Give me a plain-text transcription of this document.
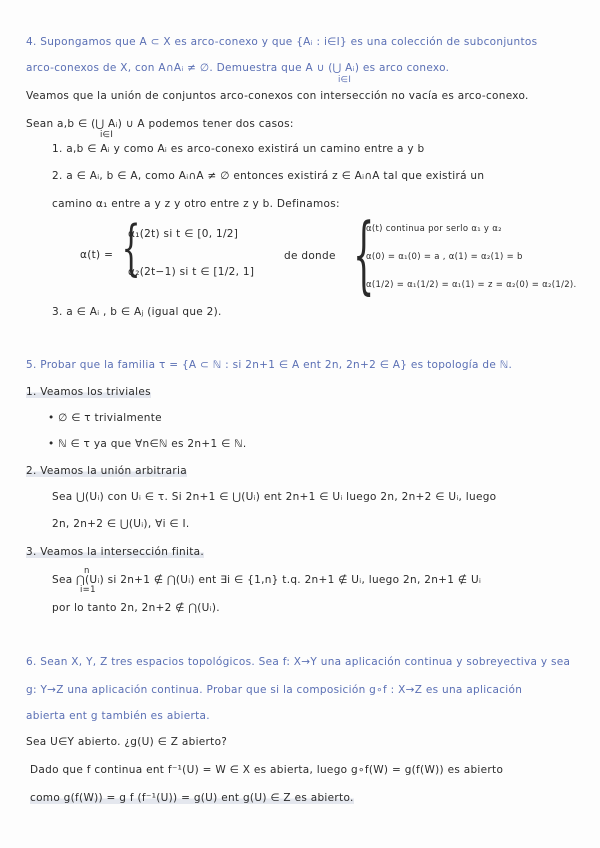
4. Supongamos que A ⊂ X es arco-conexo y que {Aᵢ : i∈I} es una colección de subconjuntos
arco-conexos de X, con A∩Aᵢ ≠ ∅. Demuestra que A ∪ (⋃ Aᵢ) es arco conexo.
i∈I
Veamos que la unión de conjuntos arco-conexos con intersección no vacía es arco-conexo.
Sean a,b ∈ (⋃ Aᵢ) ∪ A podemos tener dos casos:
i∈I
1. a,b ∈ Aᵢ y como Aᵢ es arco-conexo existirá un camino entre a y b
2. a ∈ Aᵢ, b ∈ A, como Aᵢ∩A ≠ ∅ entonces existirá z ∈ Aᵢ∩A tal que existirá un
camino α₁ entre a y z y otro entre z y b. Definamos:
α(t) = {
α₁(2t) si t ∈ [0, 1/2]
α₂(2t−1) si t ∈ [1/2, 1]
de donde {
α(t) continua por serlo α₁ y α₂
α(0) = α₁(0) = a , α(1) = α₂(1) = b
α(1/2) = α₁(1/2) = α₁(1) = z = α₂(0) = α₂(1/2).
3. a ∈ Aᵢ , b ∈ Aⱼ (igual que 2).
5. Probar que la familia τ = {A ⊂ ℕ : si 2n+1 ∈ A ent 2n, 2n+2 ∈ A} es topología de ℕ.
1. Veamos los triviales
• ∅ ∈ τ trivialmente
• ℕ ∈ τ ya que ∀n∈ℕ es 2n+1 ∈ ℕ.
2. Veamos la unión arbitraria
Sea ⋃(Uᵢ) con Uᵢ ∈ τ. Si 2n+1 ∈ ⋃(Uᵢ) ent 2n+1 ∈ Uᵢ luego 2n, 2n+2 ∈ Uᵢ, luego
2n, 2n+2 ∈ ⋃(Uᵢ), ∀i ∈ I.
3. Veamos la intersección finita.
n
i=1
Sea ⋂(Uᵢ) si 2n+1 ∉ ⋂(Uᵢ) ent ∃i ∈ {1,n} t.q. 2n+1 ∉ Uᵢ, luego 2n, 2n+1 ∉ Uᵢ
por lo tanto 2n, 2n+2 ∉ ⋂(Uᵢ).
6. Sean X, Y, Z tres espacios topológicos. Sea f: X→Y una aplicación continua y sobreyectiva y sea
g: Y→Z una aplicación continua. Probar que si la composición g∘f : X→Z es una aplicación
abierta ent g también es abierta.
Sea U∈Y abierto. ¿g(U) ∈ Z abierto?
Dado que f continua ent f⁻¹(U) = W ∈ X es abierta, luego g∘f(W) = g(f(W)) es abierto
como g(f(W)) = g f (f⁻¹(U)) = g(U) ent g(U) ∈ Z es abierto.
